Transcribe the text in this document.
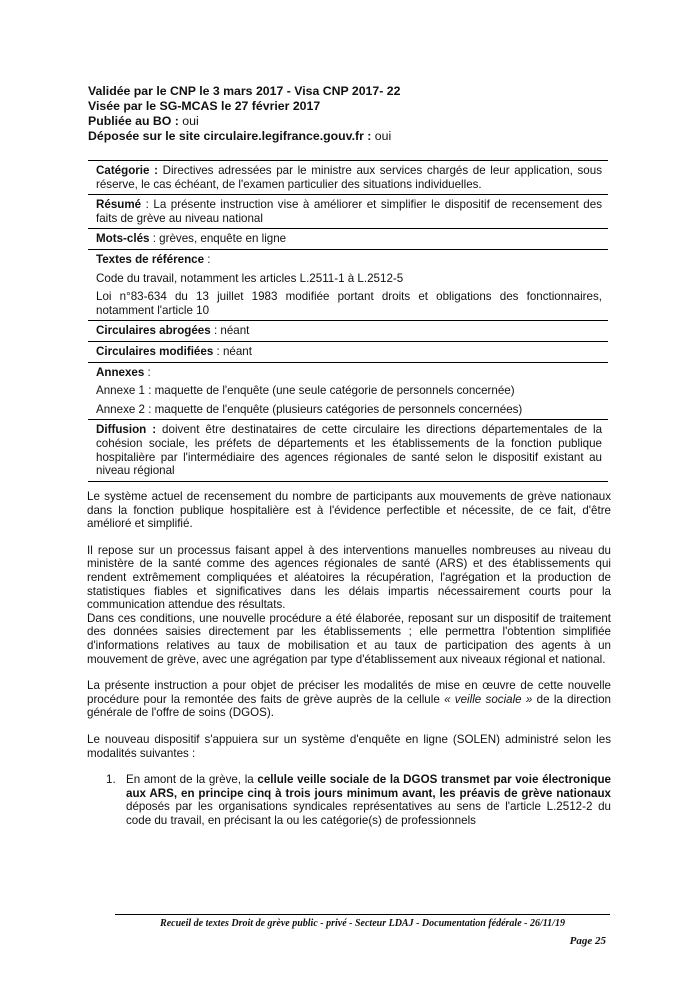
Validée par le CNP le 3 mars 2017 - Visa CNP 2017- 22
Visée par le SG-MCAS le 27 février 2017
Publiée au BO : oui
Déposée sur le site circulaire.legifrance.gouv.fr : oui
Catégorie : Directives adressées par le ministre aux services chargés de leur application, sous réserve, le cas échéant, de l'examen particulier des situations individuelles.
Résumé : La présente instruction vise à améliorer et simplifier le dispositif de recensement des faits de grève au niveau national
Mots-clés : grèves, enquête en ligne
Textes de référence :
Code du travail, notamment les articles L.2511-1 à L.2512-5
Loi n°83-634 du 13 juillet 1983 modifiée portant droits et obligations des fonctionnaires, notamment l'article 10
Circulaires abrogées : néant
Circulaires modifiées : néant
Annexes :
Annexe 1 : maquette de l'enquête (une seule catégorie de personnels concernée)
Annexe 2 : maquette de l'enquête (plusieurs catégories de personnels concernées)
Diffusion : doivent être destinataires de cette circulaire les directions départementales de la cohésion sociale, les préfets de départements et les établissements de la fonction publique hospitalière par l'intermédiaire des agences régionales de santé selon le dispositif existant au niveau régional

Le système actuel de recensement du nombre de participants aux mouvements de grève nationaux dans la fonction publique hospitalière est à l'évidence perfectible et nécessite, de ce fait, d'être amélioré et simplifié.

Il repose sur un processus faisant appel à des interventions manuelles nombreuses au niveau du ministère de la santé comme des agences régionales de santé (ARS) et des établissements qui rendent extrêmement compliquées et aléatoires la récupération, l'agrégation et la production de statistiques fiables et significatives dans les délais impartis nécessairement courts pour la communication attendue des résultats.

Dans ces conditions, une nouvelle procédure a été élaborée, reposant sur un dispositif de traitement des données saisies directement par les établissements ; elle permettra l'obtention simplifiée d'informations relatives au taux de mobilisation et au taux de participation des agents à un mouvement de grève, avec une agrégation par type d'établissement aux niveaux régional et national.

La présente instruction a pour objet de préciser les modalités de mise en œuvre de cette nouvelle procédure pour la remontée des faits de grève auprès de la cellule « veille sociale » de la direction générale de l'offre de soins (DGOS).

Le nouveau dispositif s'appuiera sur un système d'enquête en ligne (SOLEN) administré selon les modalités suivantes :

1. En amont de la grève, la cellule veille sociale de la DGOS transmet par voie électronique aux ARS, en principe cinq à trois jours minimum avant, les préavis de grève nationaux déposés par les organisations syndicales représentatives au sens de l'article L.2512-2 du code du travail, en précisant la ou les catégorie(s) de professionnels
Recueil de textes Droit de grève public - privé - Secteur LDAJ - Documentation fédérale - 26/11/19
Page 25
